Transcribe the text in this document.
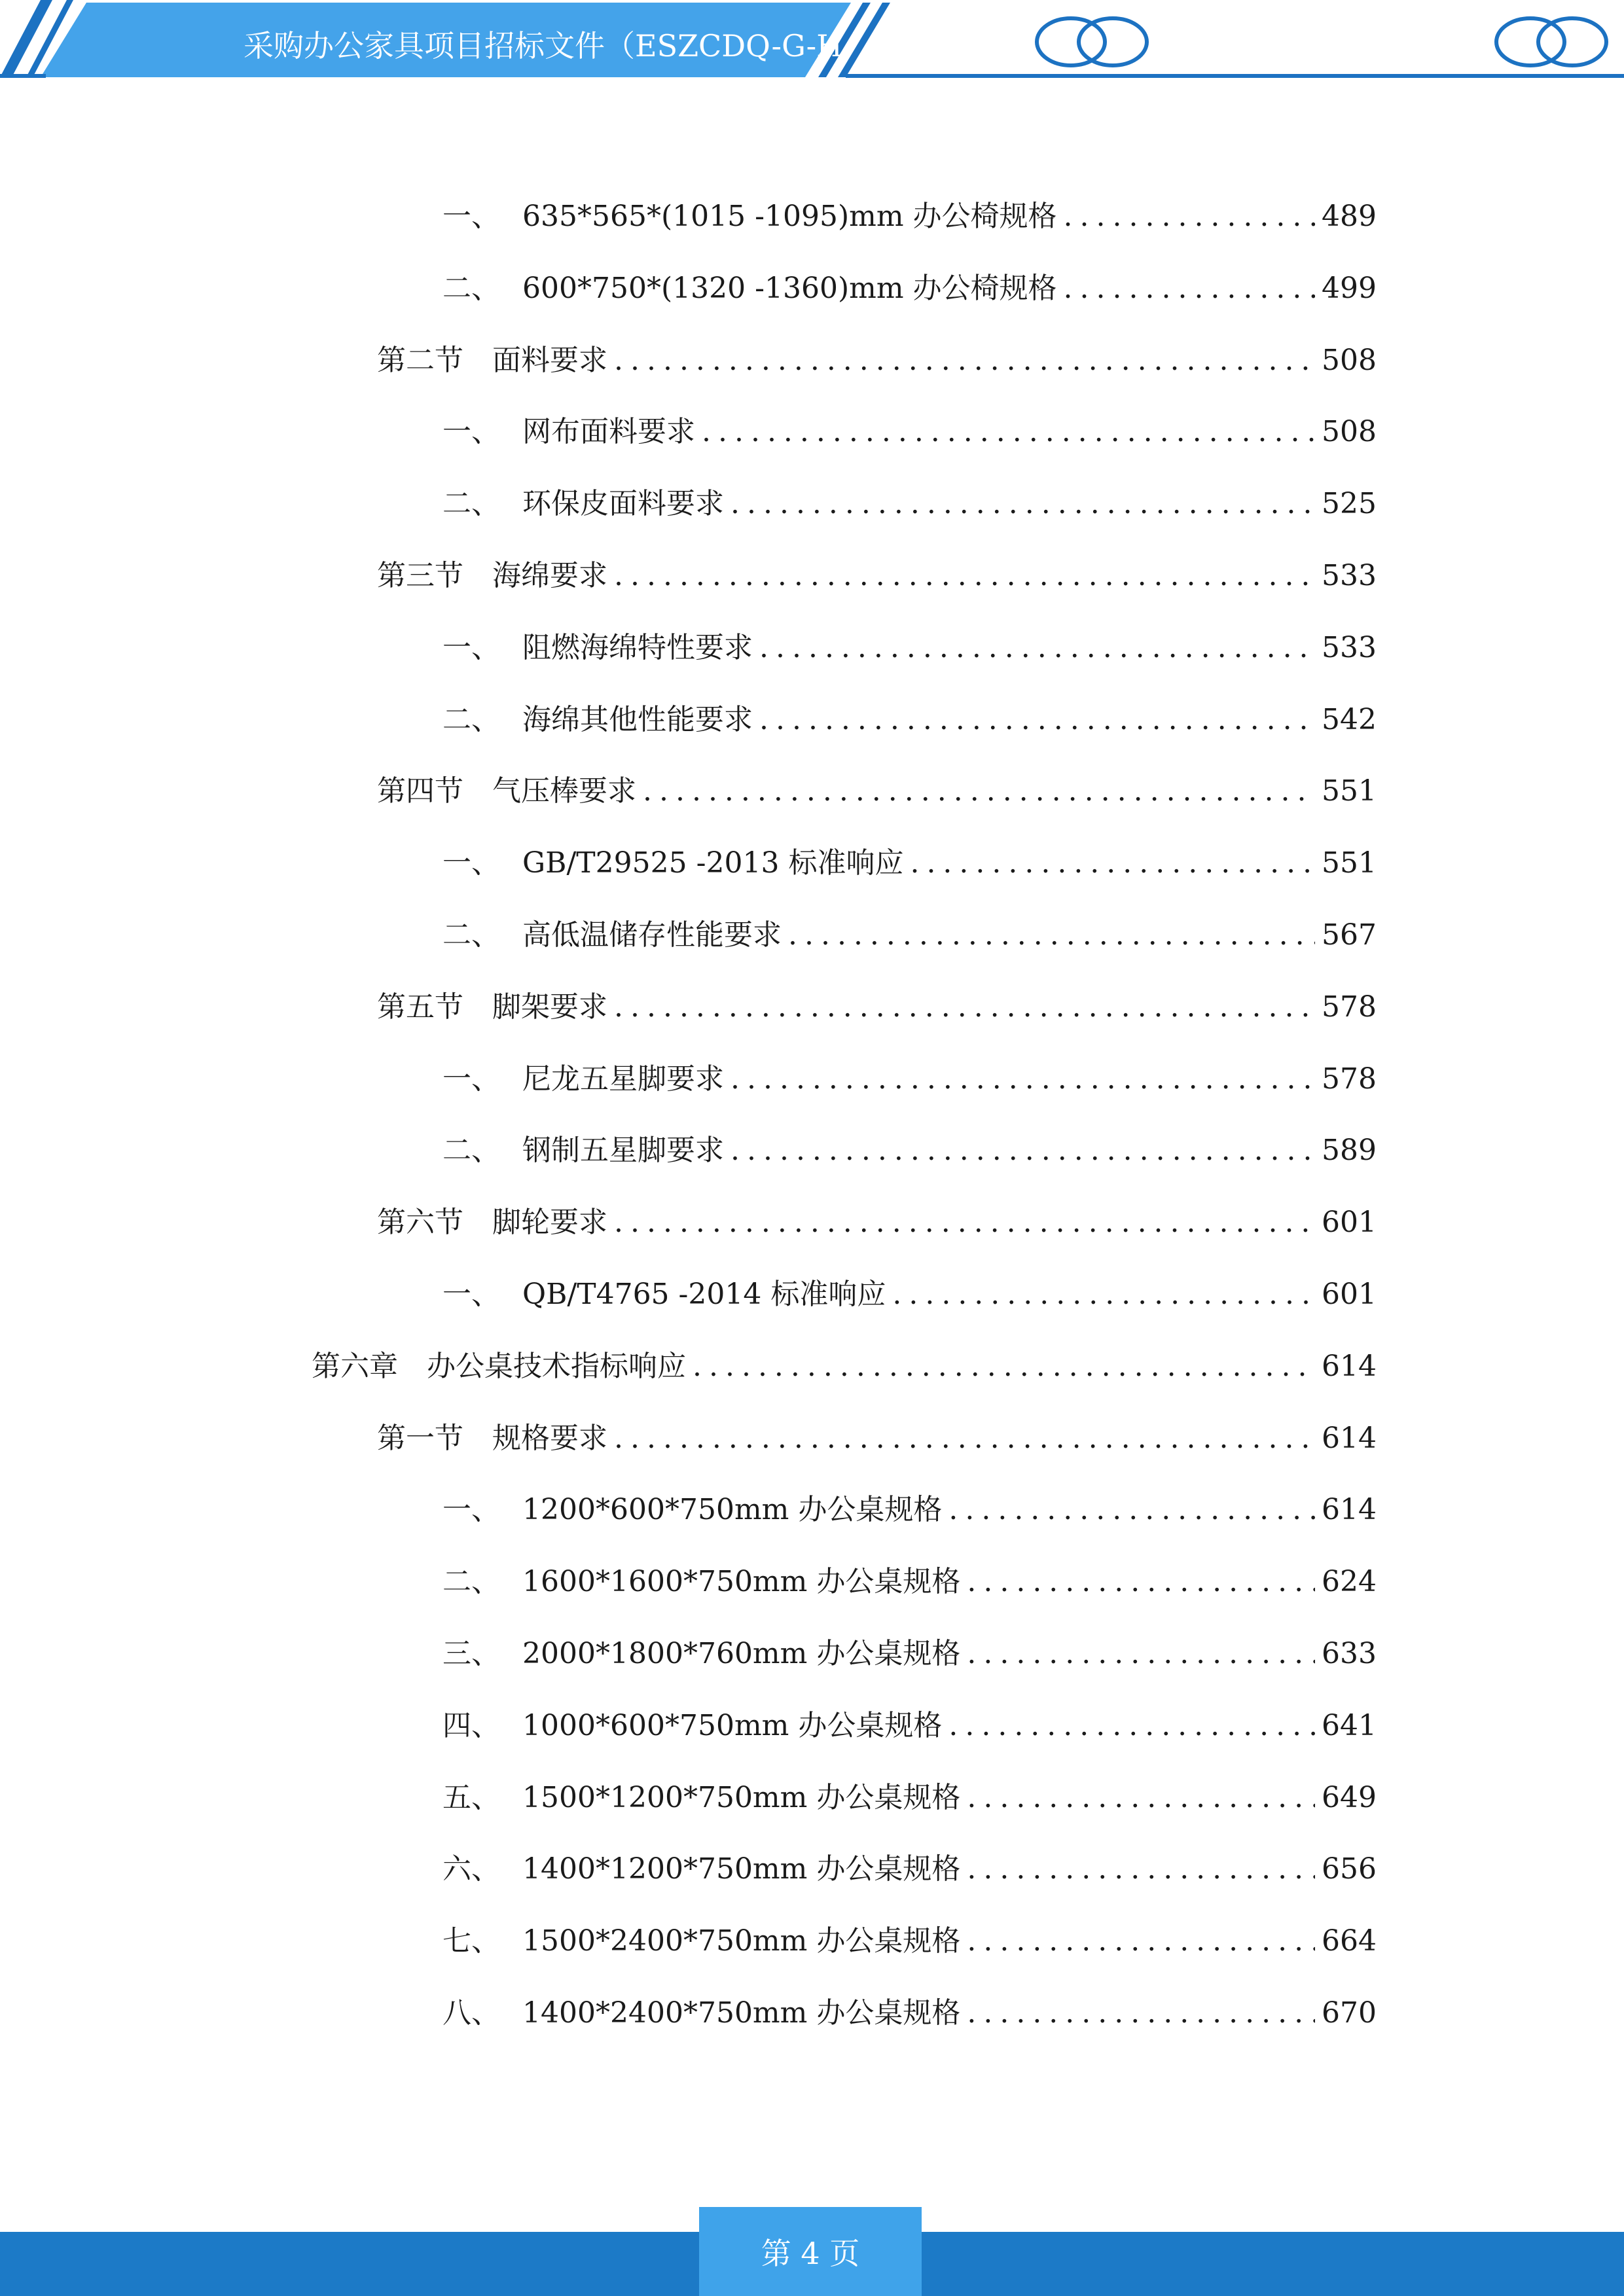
采购办公家具项目招标文件（ESZCDQ-G-H
一、 635*565*(1015 -1095)mm 办公椅规格 .....	489
二、 600*750*(1320 -1360)mm 办公椅规格 .....	499
第二节	面料要求 .....	508
一、 网布面料要求 .....	508
二、 环保皮面料要求 .....	525
第三节	海绵要求 .....	533
一、 阻燃海绵特性要求 .....	533
二、 海绵其他性能要求 .....	542
第四节	气压棒要求 .....	551
一、 GB/T29525 -2013 标准响应 .....	551
二、 高低温储存性能要求 .....	567
第五节	脚架要求 .....	578
一、 尼龙五星脚要求 .....	578
二、 钢制五星脚要求 .....	589
第六节	脚轮要求 .....	601
一、 QB/T4765 -2014 标准响应 .....	601
第六章	办公桌技术指标响应 .....	614
第一节	规格要求 .....	614
一、 1200*600*750mm 办公桌规格 .....	614
二、 1600*1600*750mm 办公桌规格 .....	624
三、 2000*1800*760mm 办公桌规格 .....	633
四、 1000*600*750mm 办公桌规格 .....	641
五、 1500*1200*750mm 办公桌规格 .....	649
六、 1400*1200*750mm 办公桌规格 .....	656
七、 1500*2400*750mm 办公桌规格 .....	664
八、 1400*2400*750mm 办公桌规格 .....	670
第 4 页
